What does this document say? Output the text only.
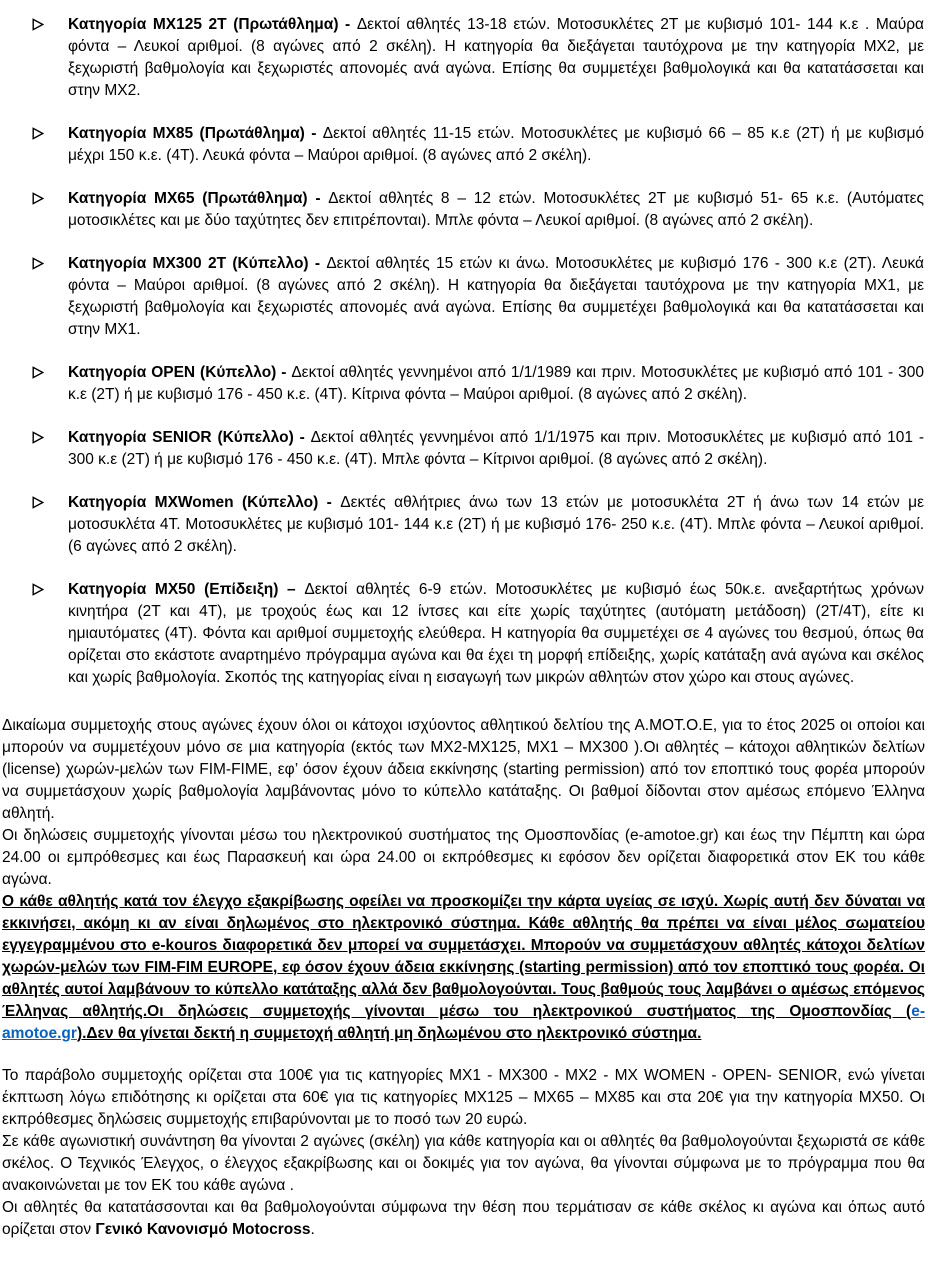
Κατηγορία MX125 2T (Πρωτάθλημα) - Δεκτοί αθλητές 13-18 ετών. Μοτοσυκλέτες 2T με κυβισμό 101- 144 κ.ε . Μαύρα φόντα – Λευκοί αριθμοί. (8 αγώνες από 2 σκέλη). Η κατηγορία θα διεξάγεται ταυτόχρονα με την κατηγορία MX2, με ξεχωριστή βαθμολογία και ξεχωριστές απονομές ανά αγώνα. Επίσης θα συμμετέχει βαθμολογικά και θα κατατάσσεται και στην MX2.
Κατηγορία MX85 (Πρωτάθλημα) - Δεκτοί αθλητές 11-15 ετών. Μοτοσυκλέτες με κυβισμό 66 – 85 κ.ε (2Τ) ή με κυβισμό μέχρι 150 κ.ε. (4Τ). Λευκά φόντα – Μαύροι αριθμοί. (8 αγώνες από 2 σκέλη).
Κατηγορία MX65 (Πρωτάθλημα) - Δεκτοί αθλητές 8 – 12 ετών. Μοτοσυκλέτες 2T με κυβισμό 51- 65 κ.ε. (Αυτόματες μοτοσικλέτες και με δύο ταχύτητες δεν επιτρέπονται). Μπλε φόντα – Λευκοί αριθμοί. (8 αγώνες από 2 σκέλη).
Κατηγορία MX300 2T (Κύπελλο) - Δεκτοί αθλητές 15 ετών κι άνω. Μοτοσυκλέτες με κυβισμό 176 - 300 κ.ε (2Τ). Λευκά φόντα – Μαύροι αριθμοί. (8 αγώνες από 2 σκέλη). Η κατηγορία θα διεξάγεται ταυτόχρονα με την κατηγορία MX1, με ξεχωριστή βαθμολογία και ξεχωριστές απονομές ανά αγώνα. Επίσης θα συμμετέχει βαθμολογικά και θα κατατάσσεται και στην MX1.
Κατηγορία OPEN (Κύπελλο) - Δεκτοί αθλητές γεννημένοι από 1/1/1989 και πριν. Μοτοσυκλέτες με κυβισμό από 101 - 300 κ.ε (2Τ) ή με κυβισμό 176 - 450 κ.ε. (4Τ). Κίτρινα φόντα – Μαύροι αριθμοί. (8 αγώνες από 2 σκέλη).
Κατηγορία SENIOR (Κύπελλο) - Δεκτοί αθλητές γεννημένοι από 1/1/1975 και πριν. Μοτοσυκλέτες με κυβισμό από 101 - 300 κ.ε (2Τ) ή με κυβισμό 176 - 450 κ.ε. (4Τ). Μπλε φόντα – Κίτρινοι αριθμοί. (8 αγώνες από 2 σκέλη).
Κατηγορία MXWomen (Κύπελλο) - Δεκτές αθλήτριες άνω των 13 ετών με μοτοσυκλέτα 2T ή άνω των 14 ετών με μοτοσυκλέτα 4T. Μοτοσυκλέτες με κυβισμό 101- 144 κ.ε (2Τ) ή με κυβισμό 176- 250 κ.ε. (4Τ). Μπλε φόντα – Λευκοί αριθμοί. (6 αγώνες από 2 σκέλη).
Κατηγορία MX50 (Επίδειξη) – Δεκτοί αθλητές 6-9 ετών. Μοτοσυκλέτες με κυβισμό έως 50κ.ε. ανεξαρτήτως χρόνων κινητήρα (2Τ και 4Τ), με τροχούς έως και 12 ίντσες και είτε χωρίς ταχύτητες (αυτόματη μετάδοση) (2Τ/4Τ), είτε κι ημιαυτόματες (4Τ). Φόντα και αριθμοί συμμετοχής ελεύθερα. Η κατηγορία θα συμμετέχει σε 4 αγώνες του θεσμού, όπως θα ορίζεται στο εκάστοτε αναρτημένο πρόγραμμα αγώνα και θα έχει τη μορφή επίδειξης, χωρίς κατάταξη ανά αγώνα και σκέλος και χωρίς βαθμολογία. Σκοπός της κατηγορίας είναι η εισαγωγή των μικρών αθλητών στον χώρο και στους αγώνες.

Δικαίωμα συμμετοχής στους αγώνες έχουν όλοι οι κάτοχοι ισχύοντος αθλητικού δελτίου της Α.ΜΟΤ.Ο.Ε, για το έτος 2025 οι οποίοι και μπορούν να συμμετέχουν μόνο σε μια κατηγορία (εκτός των MX2-MX125, MX1 – MX300 ).Οι αθλητές – κάτοχοι αθλητικών δελτίων (license) χωρών-μελών των FIM-FIME, εφ’ όσον έχουν άδεια εκκίνησης (starting permission) από τον εποπτικό τους φορέα μπορούν να συμμετάσχουν χωρίς βαθμολογία λαμβάνοντας μόνο το κύπελλο κατάταξης. Οι βαθμοί δίδονται στον αμέσως επόμενο Έλληνα αθλητή.

Οι δηλώσεις συμμετοχής γίνονται μέσω του ηλεκτρονικού συστήματος της Ομοσπονδίας (e-amotoe.gr) και έως την Πέμπτη και ώρα 24.00 οι εμπρόθεσμες και έως Παρασκευή και ώρα 24.00 οι εκπρόθεσμες κι εφόσον δεν ορίζεται διαφορετικά στον ΕΚ του κάθε αγώνα.

Ο κάθε αθλητής κατά τον έλεγχο εξακρίβωσης οφείλει να προσκομίζει την κάρτα υγείας σε ισχύ. Χωρίς αυτή δεν δύναται να εκκινήσει, ακόμη κι αν είναι δηλωμένος στο ηλεκτρονικό σύστημα. Κάθε αθλητής θα πρέπει να είναι μέλος σωματείου εγγεγραμμένου στο e-kouros διαφορετικά δεν μπορεί να συμμετάσχει. Μπορούν να συμμετάσχουν αθλητές κάτοχοι δελτίων χωρών-μελών των FIM-FIM EUROPE, εφ όσον έχουν άδεια εκκίνησης (starting permission) από τον εποπτικό τους φορέα. Οι αθλητές αυτοί λαμβάνουν το κύπελλο κατάταξης αλλά δεν βαθμολογούνται. Τους βαθμούς τους λαμβάνει ο αμέσως επόμενος Έλληνας αθλητής.Οι δηλώσεις συμμετοχής γίνονται μέσω του ηλεκτρονικού συστήματος της Ομοσπονδίας (e-amotoe.gr).Δεν θα γίνεται δεκτή η συμμετοχή αθλητή μη δηλωμένου στο ηλεκτρονικό σύστημα.

Το παράβολο συμμετοχής ορίζεται στα 100€ για τις κατηγορίες MX1 - MX300 - MX2 - MX WOMEN - OPEN- SENIOR, ενώ γίνεται έκπτωση λόγω επιδότησης κι ορίζεται στα 60€ για τις κατηγορίες MX125 – MX65 – MX85 και στα 20€ για την κατηγορία MX50. Οι εκπρόθεσμες δηλώσεις συμμετοχής επιβαρύνονται με το ποσό των 20 ευρώ.

Σε κάθε αγωνιστική συνάντηση θα γίνονται 2 αγώνες (σκέλη) για κάθε κατηγορία και οι αθλητές θα βαθμολογούνται ξεχωριστά σε κάθε σκέλος. Ο Τεχνικός Έλεγχος, ο έλεγχος εξακρίβωσης και οι δοκιμές για τον αγώνα, θα γίνονται σύμφωνα με το πρόγραμμα που θα ανακοινώνεται με τον ΕΚ του κάθε αγώνα .

Οι αθλητές θα κατατάσσονται και θα βαθμολογούνται σύμφωνα την θέση που τερμάτισαν σε κάθε σκέλος κι αγώνα και όπως αυτό ορίζεται στον Γενικό Κανονισμό Motocross.
